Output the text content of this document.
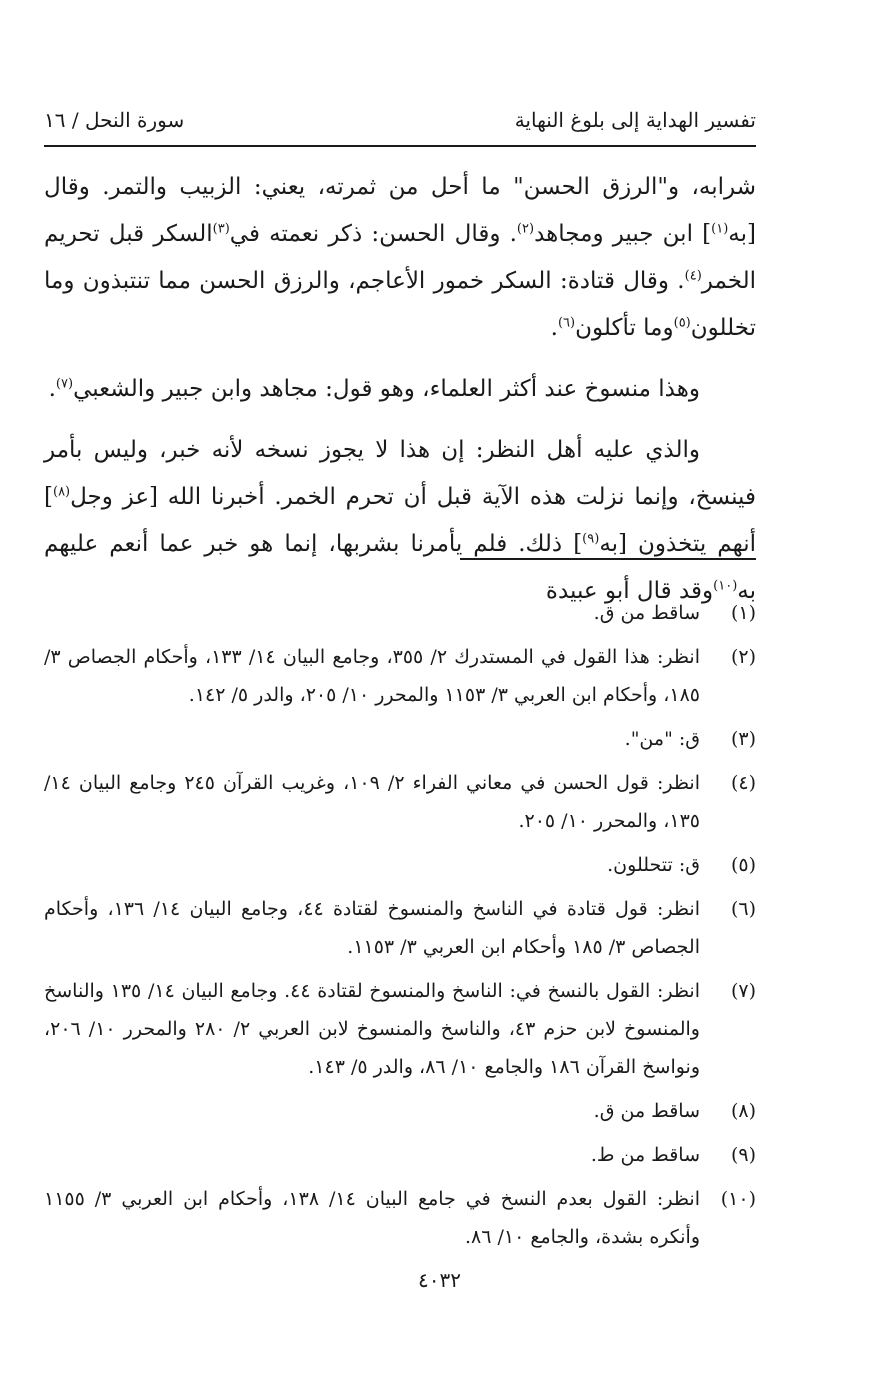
تفسير الهداية إلى بلوغ النهاية
سورة النحل / ١٦

شرابه، و"الرزق الحسن" ما أحل من ثمرته، يعني: الزبيب والتمر. وقال [به$^{(١)}$] ابن جبير ومجاهد$^{(٢)}$. وقال الحسن: ذكر نعمته في$^{(٣)}$السكر قبل تحريم الخمر$^{(٤)}$. وقال قتادة: السكر خمور الأعاجم، والرزق الحسن مما تنتبذون وما تخللون$^{(٥)}$وما تأكلون$^{(٦)}$.

وهذا منسوخ عند أكثر العلماء، وهو قول: مجاهد وابن جبير والشعبي$^{(٧)}$.

والذي عليه أهل النظر: إن هذا لا يجوز نسخه لأنه خبر، وليس بأمر فينسخ، وإنما نزلت هذه الآية قبل أن تحرم الخمر. أخبرنا الله [عز وجل$^{(٨)}$] أنهم يتخذون [به$^{(٩)}$] ذلك. فلم يأمرنا بشربها، إنما هو خبر عما أنعم عليهم به$^{(١٠)}$وقد قال أبو عبيدة

(١)
ساقط من ق.
(٢)
انظر: هذا القول في المستدرك ٢/ ٣٥٥، وجامع البيان ١٤/ ١٣٣، وأحكام الجصاص ٣/ ١٨٥، وأحكام ابن العربي ٣/ ١١٥٣ والمحرر ١٠/ ٢٠٥، والدر ٥/ ١٤٢.
(٣)
ق: "من".
(٤)
انظر: قول الحسن في معاني الفراء ٢/ ١٠٩، وغريب القرآن ٢٤٥ وجامع البيان ١٤/ ١٣٥، والمحرر ١٠/ ٢٠٥.
(٥)
ق: تتحللون.
(٦)
انظر: قول قتادة في الناسخ والمنسوخ لقتادة ٤٤، وجامع البيان ١٤/ ١٣٦، وأحكام الجصاص ٣/ ١٨٥ وأحكام ابن العربي ٣/ ١١٥٣.
(٧)
انظر: القول بالنسخ في: الناسخ والمنسوخ لقتادة ٤٤. وجامع البيان ١٤/ ١٣٥ والناسخ والمنسوخ لابن حزم ٤٣، والناسخ والمنسوخ لابن العربي ٢/ ٢٨٠ والمحرر ١٠/ ٢٠٦، ونواسخ القرآن ١٨٦ والجامع ١٠/ ٨٦، والدر ٥/ ١٤٣.
(٨)
ساقط من ق.
(٩)
ساقط من ط.
(١٠)
انظر: القول بعدم النسخ في جامع البيان ١٤/ ١٣٨، وأحكام ابن العربي ٣/ ١١٥٥ وأنكره بشدة، والجامع ١٠/ ٨٦.
٤٠٣٢
